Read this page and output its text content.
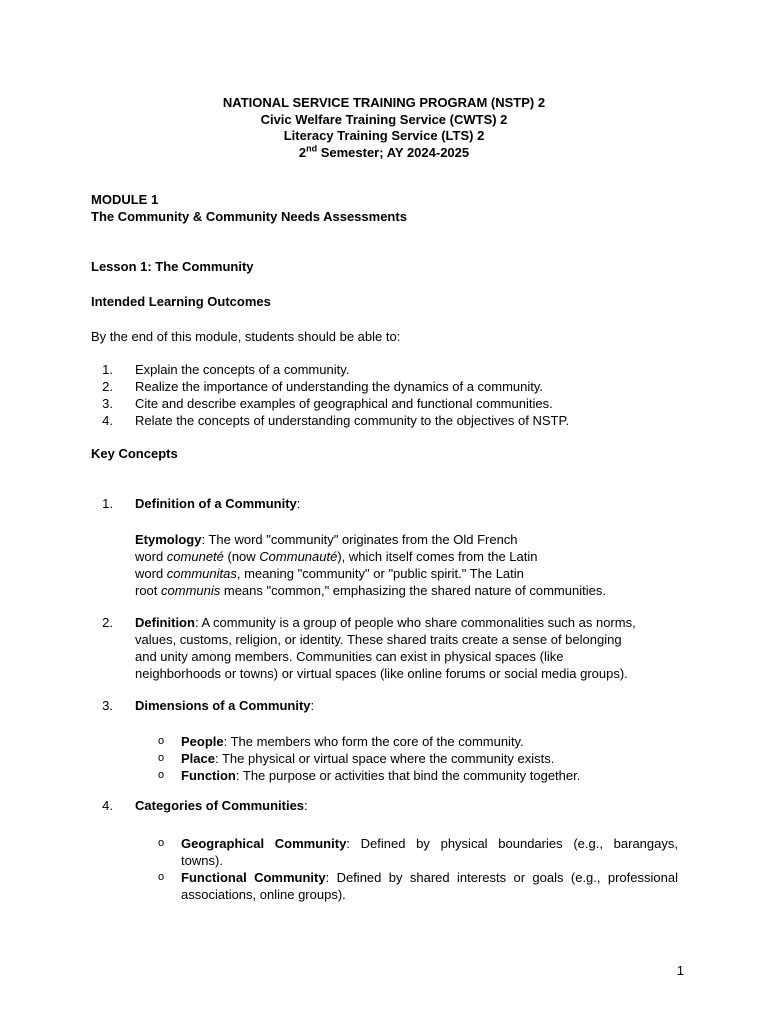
NATIONAL SERVICE TRAINING PROGRAM (NSTP) 2
Civic Welfare Training Service (CWTS) 2
Literacy Training Service (LTS) 2
2nd Semester; AY 2024-2025
MODULE 1
The Community & Community Needs Assessments
Lesson 1: The Community
Intended Learning Outcomes
By the end of this module, students should be able to:
1. Explain the concepts of a community.
2. Realize the importance of understanding the dynamics of a community.
3. Cite and describe examples of geographical and functional communities.
4. Relate the concepts of understanding community to the objectives of NSTP.
Key Concepts
1. Definition of a Community:
Etymology: The word "community" originates from the Old French
word comuneté (now Communauté), which itself comes from the Latin
word communitas, meaning "community" or "public spirit." The Latin
root communis means "common," emphasizing the shared nature of communities.
2. Definition: A community is a group of people who share commonalities such as norms,
values, customs, religion, or identity. These shared traits create a sense of belonging
and unity among members. Communities can exist in physical spaces (like
neighborhoods or towns) or virtual spaces (like online forums or social media groups).
3. Dimensions of a Community:
o People: The members who form the core of the community.
o Place: The physical or virtual space where the community exists.
o Function: The purpose or activities that bind the community together.
4. Categories of Communities:
o Geographical Community: Defined by physical boundaries (e.g., barangays,
towns).
o Functional Community: Defined by shared interests or goals (e.g., professional
associations, online groups).
1
